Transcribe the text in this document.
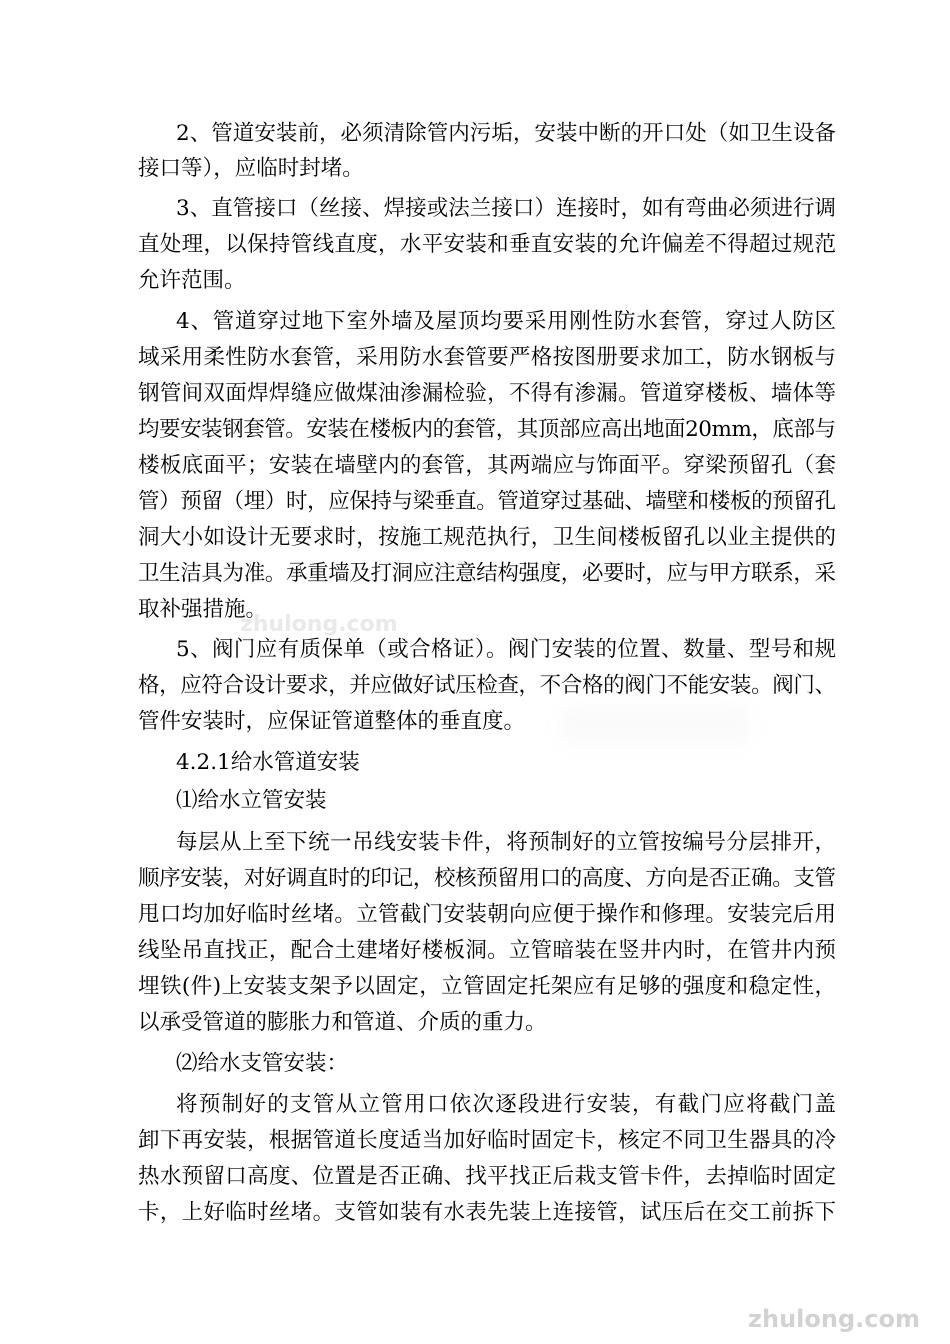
zhulong.com
2、管道安装前，必须清除管内污垢，安装中断的开口处（如卫生设备
接口等），应临时封堵。
3、直管接口（丝接、焊接或法兰接口）连接时，如有弯曲必须进行调
直处理，以保持管线直度，水平安装和垂直安装的允许偏差不得超过规范
允许范围。
4、管道穿过地下室外墙及屋顶均要采用刚性防水套管，穿过人防区
域采用柔性防水套管，采用防水套管要严格按图册要求加工，防水钢板与
钢管间双面焊焊缝应做煤油渗漏检验，不得有渗漏。管道穿楼板、墙体等
均要安装钢套管。安装在楼板内的套管，其顶部应高出地面20mm，底部与
楼板底面平；安装在墙壁内的套管，其两端应与饰面平。穿梁预留孔（套
管）预留（埋）时，应保持与梁垂直。管道穿过基础、墙壁和楼板的预留孔
洞大小如设计无要求时，按施工规范执行，卫生间楼板留孔以业主提供的
卫生洁具为准。承重墙及打洞应注意结构强度，必要时，应与甲方联系，采
取补强措施。
5、阀门应有质保单（或合格证）。阀门安装的位置、数量、型号和规
格，应符合设计要求，并应做好试压检查，不合格的阀门不能安装。阀门、
管件安装时，应保证管道整体的垂直度。
4.2.1给水管道安装
⑴给水立管安装
每层从上至下统一吊线安装卡件，将预制好的立管按编号分层排开，
顺序安装，对好调直时的印记，校核预留用口的高度、方向是否正确。支管
甩口均加好临时丝堵。立管截门安装朝向应便于操作和修理。安装完后用
线坠吊直找正，配合土建堵好楼板洞。立管暗装在竖井内时，在管井内预
埋铁(件)上安装支架予以固定，立管固定托架应有足够的强度和稳定性，
以承受管道的膨胀力和管道、介质的重力。
⑵给水支管安装：
将预制好的支管从立管用口依次逐段进行安装，有截门应将截门盖
卸下再安装，根据管道长度适当加好临时固定卡，核定不同卫生器具的冷
热水预留口高度、位置是否正确、找平找正后栽支管卡件，去掉临时固定
卡，上好临时丝堵。支管如装有水表先装上连接管，试压后在交工前拆下
zhulong.com
